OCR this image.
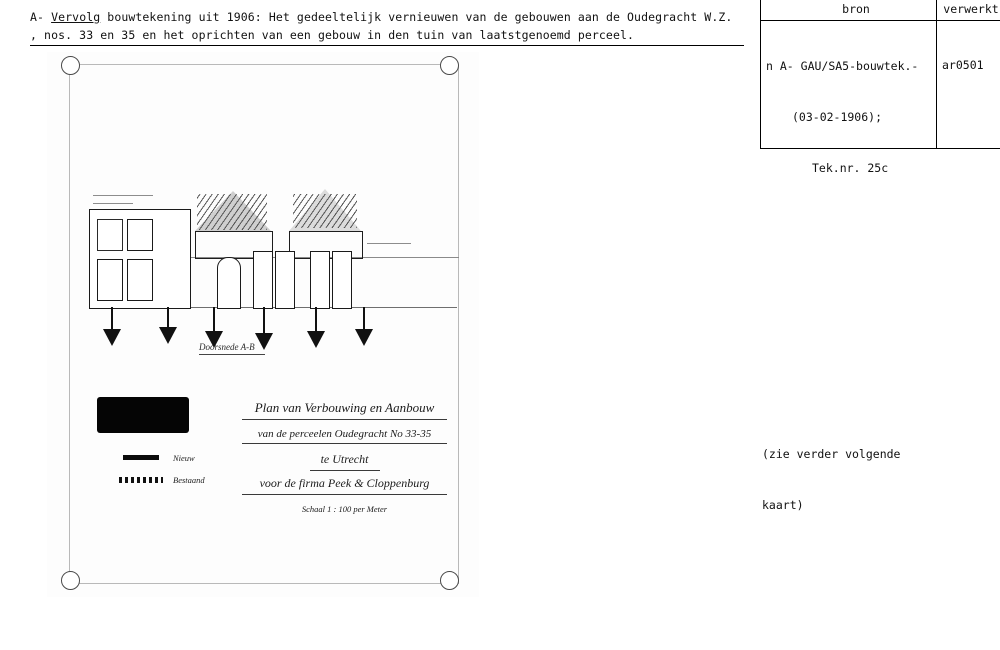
A- Vervolg bouwtekening uit 1906: Het gedeeltelijk vernieuwen van de gebouwen aan de Oudegracht W.Z.
, nos. 33 en 35 en het oprichten van een gebouw in den tuin van laatstgenoemd perceel.
bron	verwerkt

n A- GAU/SA5-bouwtek.-

(03-02-1906);

Tek.nr. 25c

ar0501

(zie verder volgende

kaart)

Doorsnede A-B
Nieuw
Bestaand
Plan van Verbouwing en Aanbouw
van de perceelen Oudegracht No 33-35
te Utrecht
voor de firma Peek & Cloppenburg
Schaal 1 : 100 per Meter
